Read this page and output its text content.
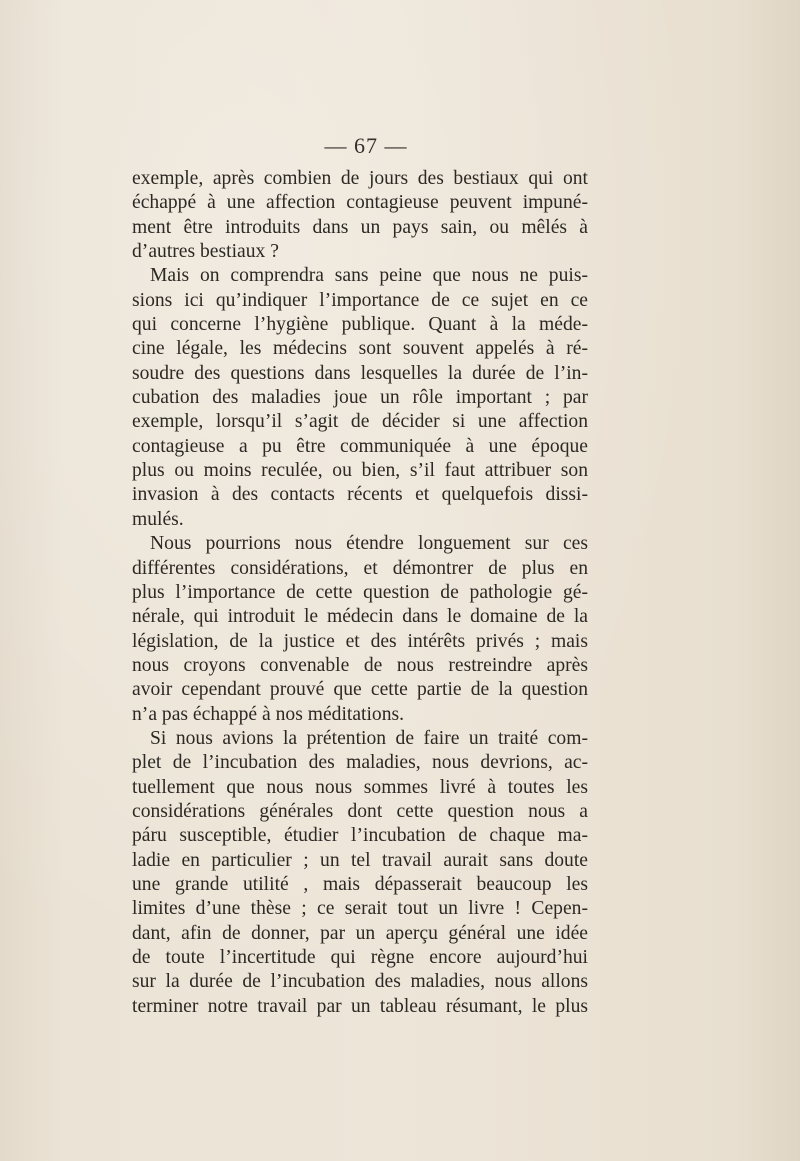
— 67 —
exemple, après combien de jours des bestiaux qui ont
échappé à une affection contagieuse peuvent impuné-
ment être introduits dans un pays sain, ou mêlés à
d’autres bestiaux ?
Mais on comprendra sans peine que nous ne puis-
sions ici qu’indiquer l’importance de ce sujet en ce
qui concerne l’hygiène publique. Quant à la méde-
cine légale, les médecins sont souvent appelés à ré-
soudre des questions dans lesquelles la durée de l’in-
cubation des maladies joue un rôle important ; par
exemple, lorsqu’il s’agit de décider si une affection
contagieuse a pu être communiquée à une époque
plus ou moins reculée, ou bien, s’il faut attribuer son
invasion à des contacts récents et quelquefois dissi-
mulés.
Nous pourrions nous étendre longuement sur ces
différentes considérations, et démontrer de plus en
plus l’importance de cette question de pathologie gé-
nérale, qui introduit le médecin dans le domaine de la
législation, de la justice et des intérêts privés ; mais
nous croyons convenable de nous restreindre après
avoir cependant prouvé que cette partie de la question
n’a pas échappé à nos méditations.
Si nous avions la prétention de faire un traité com-
plet de l’incubation des maladies, nous devrions, ac-
tuellement que nous nous sommes livré à toutes les
considérations générales dont cette question nous a
páru susceptible, étudier l’incubation de chaque ma-
ladie en particulier ; un tel travail aurait sans doute
une grande utilité , mais dépasserait beaucoup les
limites d’une thèse ; ce serait tout un livre ! Cepen-
dant, afin de donner, par un aperçu général une idée
de toute l’incertitude qui règne encore aujourd’hui
sur la durée de l’incubation des maladies, nous allons
terminer notre travail par un tableau résumant, le plus
